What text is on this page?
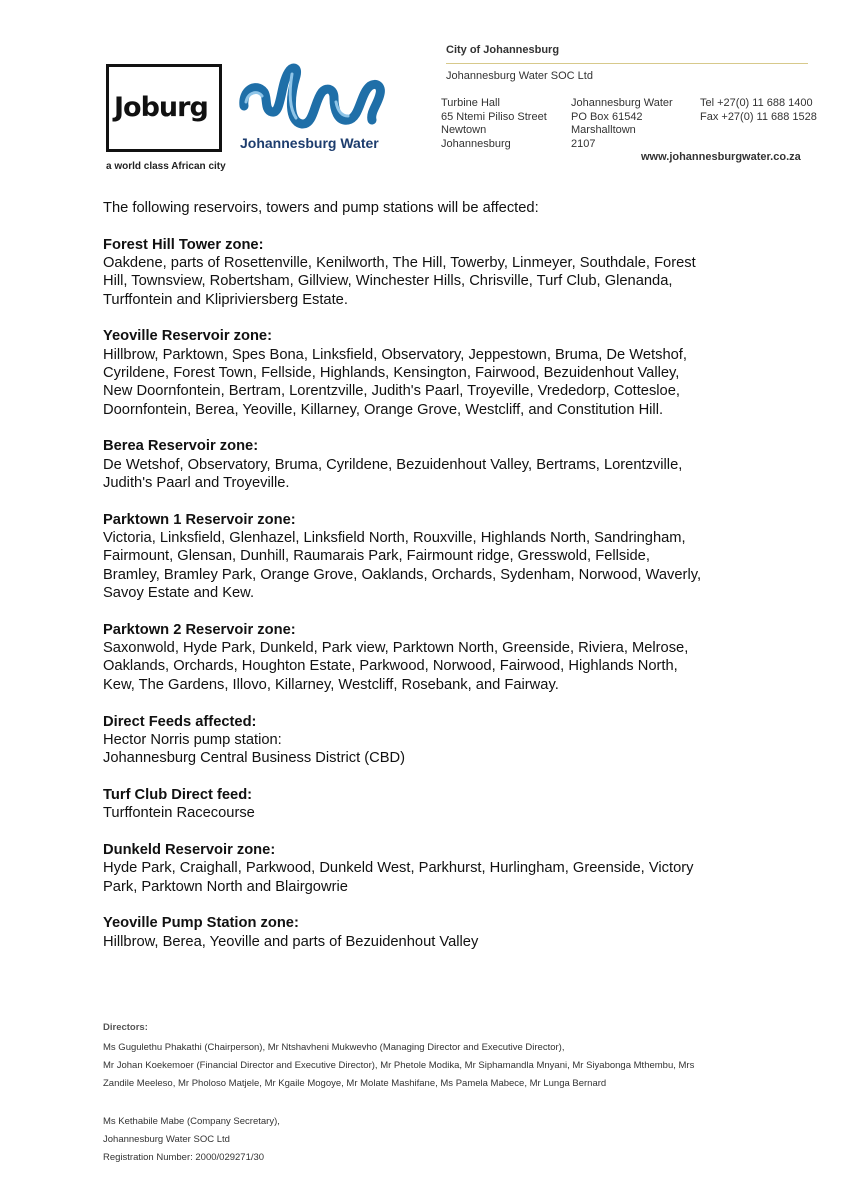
Joburg
a world class African city
Johannesburg Water
City of Johannesburg
Johannesburg Water SOC Ltd
Turbine Hall
65 Ntemi Piliso Street
Newtown
Johannesburg
Johannesburg Water
PO Box 61542
Marshalltown
2107
Tel +27(0) 11 688 1400
Fax +27(0) 11 688 1528
www.johannesburgwater.co.za
The following reservoirs, towers and pump stations will be affected:
Forest Hill Tower zone:
Oakdene, parts of Rosettenville, Kenilworth, The Hill, Towerby, Linmeyer, Southdale, Forest
Hill, Townsview, Robertsham, Gillview, Winchester Hills, Chrisville, Turf Club, Glenanda,
Turffontein and Klipriviersberg Estate.
Yeoville Reservoir zone:
Hillbrow, Parktown, Spes Bona, Linksfield, Observatory, Jeppestown, Bruma, De Wetshof,
Cyrildene, Forest Town, Fellside, Highlands, Kensington, Fairwood, Bezuidenhout Valley,
New Doornfontein, Bertram, Lorentzville, Judith's Paarl, Troyeville, Vrededorp, Cottesloe,
Doornfontein, Berea, Yeoville, Killarney, Orange Grove, Westcliff, and Constitution Hill.
Berea Reservoir zone:
De Wetshof, Observatory, Bruma, Cyrildene, Bezuidenhout Valley, Bertrams, Lorentzville,
Judith's Paarl and Troyeville.
Parktown 1 Reservoir zone:
Victoria, Linksfield, Glenhazel, Linksfield North, Rouxville, Highlands North, Sandringham,
Fairmount, Glensan, Dunhill, Raumarais Park, Fairmount ridge, Gresswold, Fellside,
Bramley, Bramley Park, Orange Grove, Oaklands, Orchards, Sydenham, Norwood, Waverly,
Savoy Estate and Kew.
Parktown 2 Reservoir zone:
Saxonwold, Hyde Park, Dunkeld, Park view, Parktown North, Greenside, Riviera, Melrose,
Oaklands, Orchards, Houghton Estate, Parkwood, Norwood, Fairwood, Highlands North,
Kew, The Gardens, Illovo, Killarney, Westcliff, Rosebank, and Fairway.
Direct Feeds affected:
Hector Norris pump station:
Johannesburg Central Business District (CBD)
Turf Club Direct feed:
Turffontein Racecourse
Dunkeld Reservoir zone:
Hyde Park, Craighall, Parkwood, Dunkeld West, Parkhurst, Hurlingham, Greenside, Victory
Park, Parktown North and Blairgowrie
Yeoville Pump Station zone:
Hillbrow, Berea, Yeoville and parts of Bezuidenhout Valley
Directors:
Ms Gugulethu Phakathi (Chairperson), Mr Ntshavheni Mukwevho (Managing Director and Executive Director),
Mr Johan Koekemoer (Financial Director and Executive Director), Mr Phetole Modika, Mr Siphamandla Mnyani, Mr Siyabonga Mthembu, Mrs
Zandile Meeleso, Mr Pholoso Matjele, Mr Kgaile Mogoye, Mr Molate Mashifane, Ms Pamela Mabece, Mr Lunga Bernard
Ms Kethabile Mabe (Company Secretary),
Johannesburg Water SOC Ltd
Registration Number: 2000/029271/30
